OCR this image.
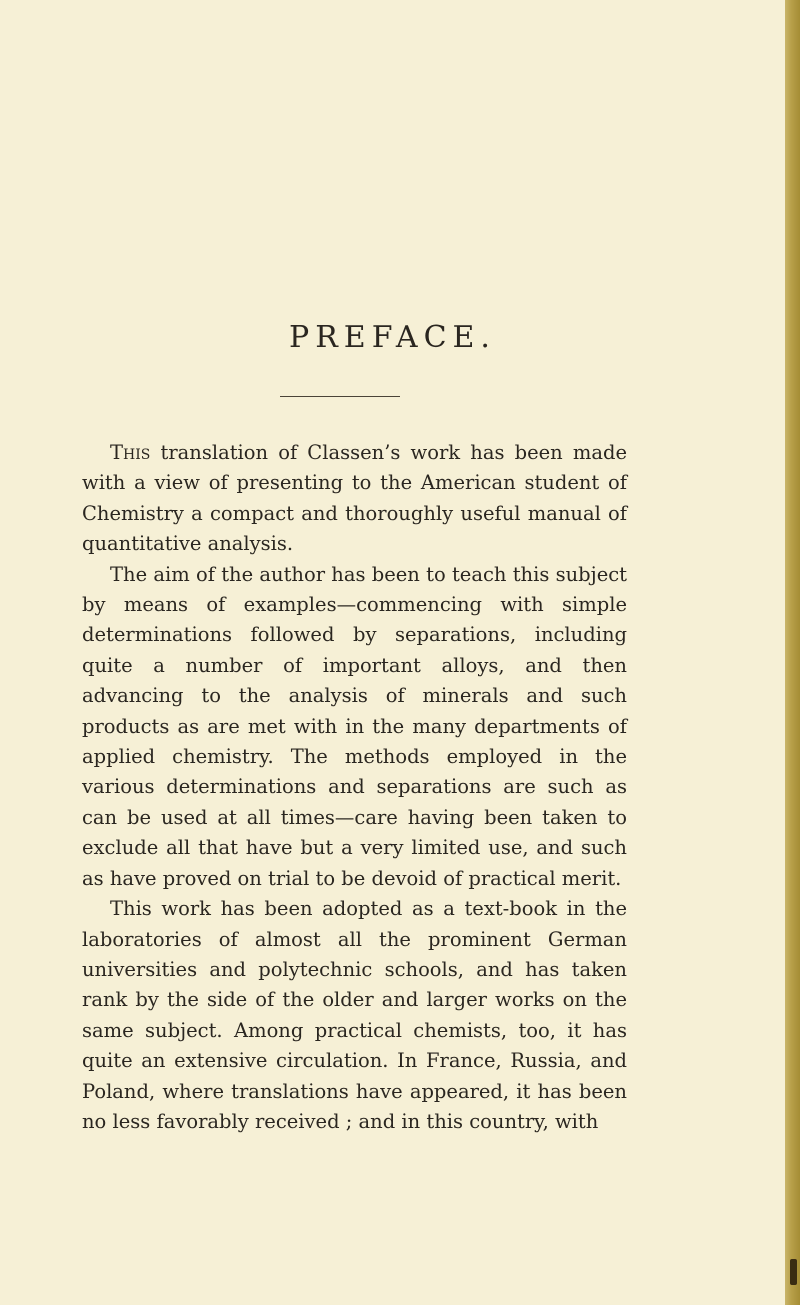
PREFACE.

This translation of Classen’s work has been made with a view of presenting to the American student of Chemistry a compact and thoroughly useful manual of quantitative analysis.

The aim of the author has been to teach this subject by means of examples—commencing with simple determinations followed by separations, including quite a number of important alloys, and then advancing to the analysis of minerals and such products as are met with in the many departments of applied chemistry. The methods employed in the various determinations and separations are such as can be used at all times—care having been taken to exclude all that have but a very limited use, and such as have proved on trial to be devoid of practical merit.

This work has been adopted as a text-book in the laboratories of almost all the prominent German universities and polytechnic schools, and has taken rank by the side of the older and larger works on the same subject. Among practical chemists, too, it has quite an extensive circulation. In France, Russia, and Poland, where translations have appeared, it has been no less favorably received ; and in this country, with
